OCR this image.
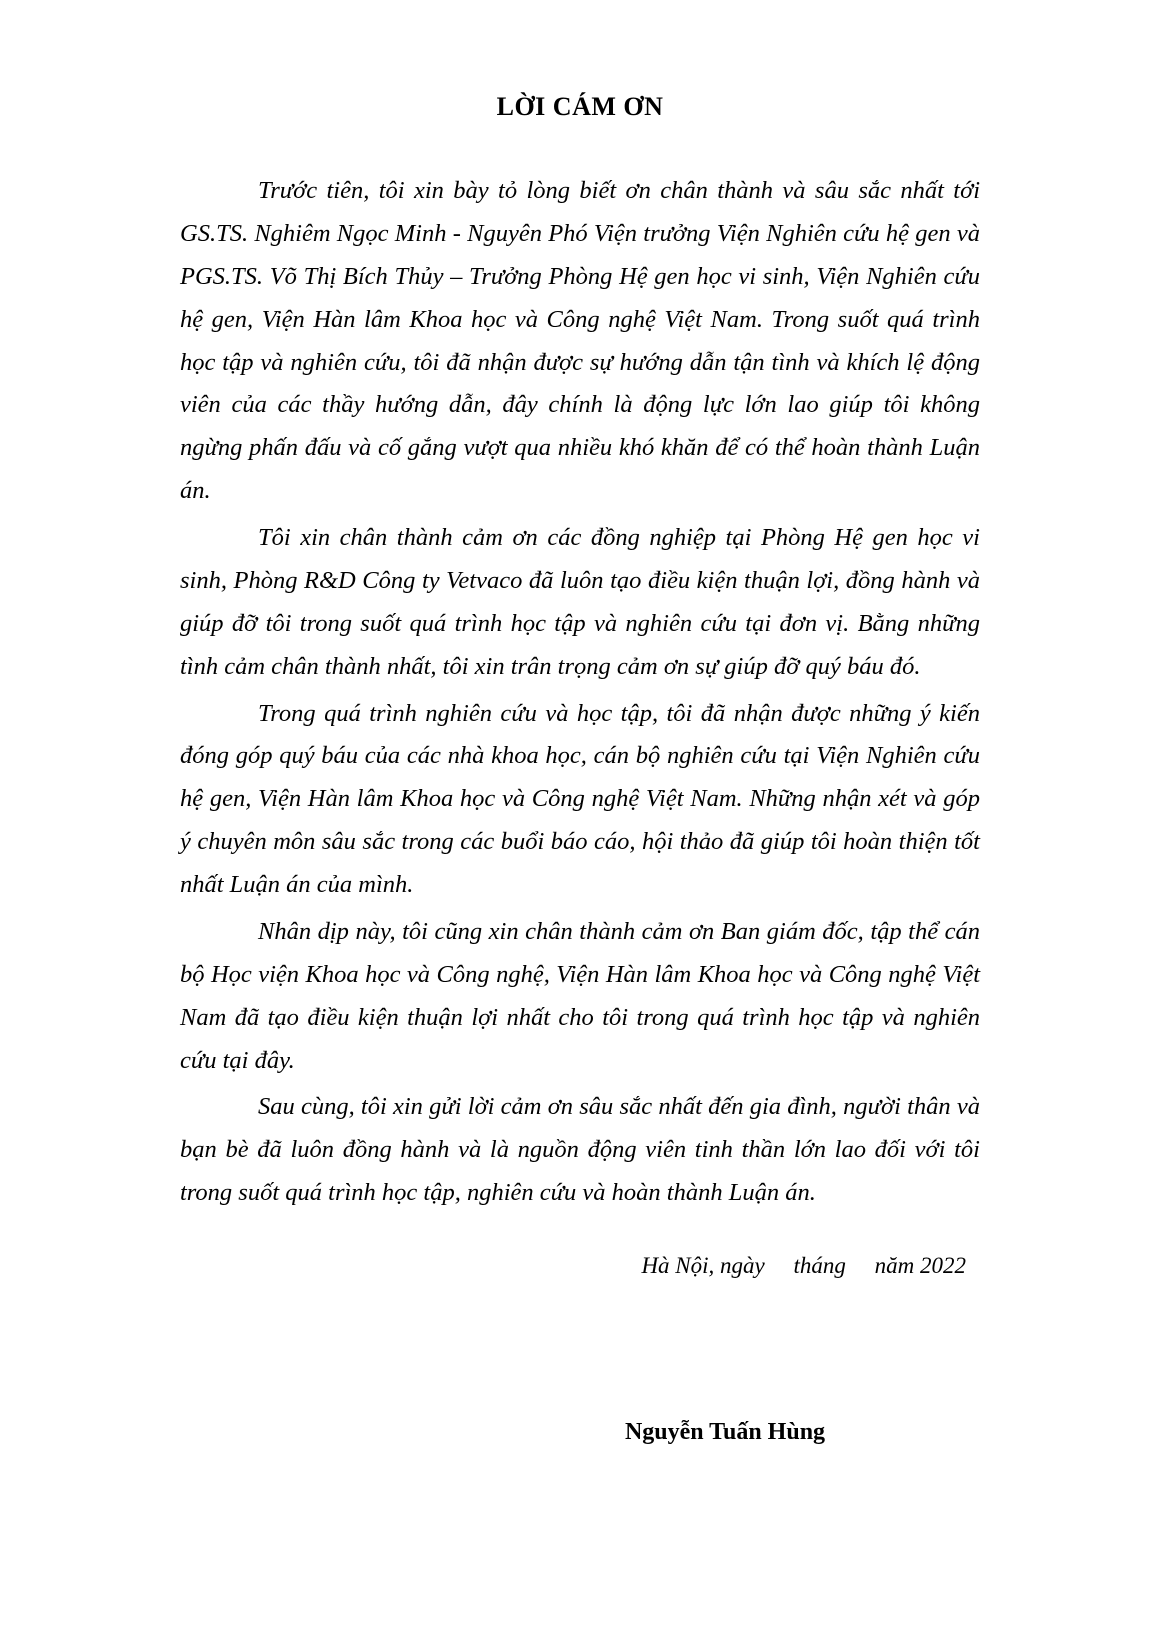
LỜI CÁM ƠN

Trước tiên, tôi xin bày tỏ lòng biết ơn chân thành và sâu sắc nhất tới GS.TS. Nghiêm Ngọc Minh - Nguyên Phó Viện trưởng Viện Nghiên cứu hệ gen và PGS.TS. Võ Thị Bích Thủy – Trưởng Phòng Hệ gen học vi sinh, Viện Nghiên cứu hệ gen, Viện Hàn lâm Khoa học và Công nghệ Việt Nam. Trong suốt quá trình học tập và nghiên cứu, tôi đã nhận được sự hướng dẫn tận tình và khích lệ động viên của các thầy hướng dẫn, đây chính là động lực lớn lao giúp tôi không ngừng phấn đấu và cố gắng vượt qua nhiều khó khăn để có thể hoàn thành Luận án.

Tôi xin chân thành cảm ơn các đồng nghiệp tại Phòng Hệ gen học vi sinh, Phòng R&D Công ty Vetvaco đã luôn tạo điều kiện thuận lợi, đồng hành và giúp đỡ tôi trong suốt quá trình học tập và nghiên cứu tại đơn vị. Bằng những tình cảm chân thành nhất, tôi xin trân trọng cảm ơn sự giúp đỡ quý báu đó.

Trong quá trình nghiên cứu và học tập, tôi đã nhận được những ý kiến đóng góp quý báu của các nhà khoa học, cán bộ nghiên cứu tại Viện Nghiên cứu hệ gen, Viện Hàn lâm Khoa học và Công nghệ Việt Nam. Những nhận xét và góp ý chuyên môn sâu sắc trong các buổi báo cáo, hội thảo đã giúp tôi hoàn thiện tốt nhất Luận án của mình.

Nhân dịp này, tôi cũng xin chân thành cảm ơn Ban giám đốc, tập thể cán bộ Học viện Khoa học và Công nghệ, Viện Hàn lâm Khoa học và Công nghệ Việt Nam đã tạo điều kiện thuận lợi nhất cho tôi trong quá trình học tập và nghiên cứu tại đây.

Sau cùng, tôi xin gửi lời cảm ơn sâu sắc nhất đến gia đình, người thân và bạn bè đã luôn đồng hành và là nguồn động viên tinh thần lớn lao đối với tôi trong suốt quá trình học tập, nghiên cứu và hoàn thành Luận án.

Hà Nội, ngày     tháng     năm 2022
Nguyễn Tuấn Hùng
